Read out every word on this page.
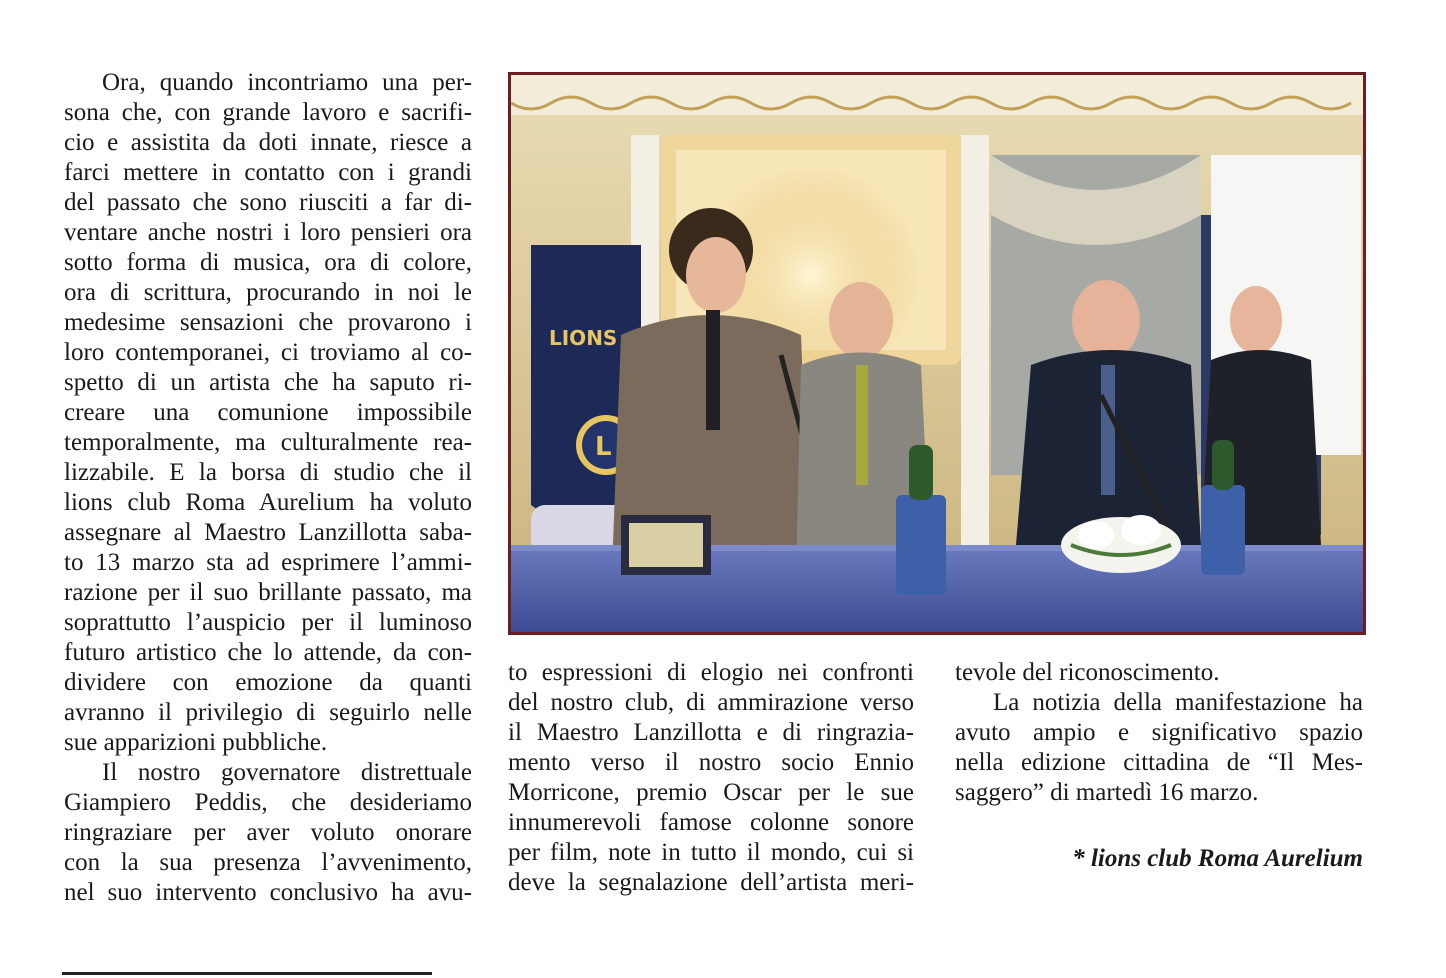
Ora, quando incontriamo una per-
sona che, con grande lavoro e sacrifi-
cio e assistita da doti innate, riesce a
farci mettere in contatto con i grandi
del passato che sono riusciti a far di-
ventare anche nostri i loro pensieri ora
sotto forma di musica, ora di colore,
ora di scrittura, procurando in noi le
medesime sensazioni che provarono i
loro contemporanei, ci troviamo al co-
spetto di un artista che ha saputo ri-
creare una comunione impossibile
temporalmente, ma culturalmente rea-
lizzabile. E la borsa di studio che il
lions club Roma Aurelium ha voluto
assegnare al Maestro Lanzillotta saba-
to 13 marzo sta ad esprimere l’ammi-
razione per il suo brillante passato, ma
soprattutto l’auspicio per il luminoso
futuro artistico che lo attende, da con-
dividere con emozione da quanti
avranno il privilegio di seguirlo nelle
sue apparizioni pubbliche.
Il nostro governatore distrettuale
Giampiero Peddis, che desideriamo
ringraziare per aver voluto onorare
con la sua presenza l’avvenimento,
nel suo intervento conclusivo ha avu-
LIONS
L
to espressioni di elogio nei confronti
del nostro club, di ammirazione verso
il Maestro Lanzillotta e di ringrazia-
mento verso il nostro socio Ennio
Morricone, premio Oscar per le sue
innumerevoli famose colonne sonore
per film, note in tutto il mondo, cui si
deve la segnalazione dell’artista meri-
tevole del riconoscimento.
La notizia della manifestazione ha
avuto ampio e significativo spazio
nella edizione cittadina de “Il Mes-
saggero” di martedì 16 marzo.
* lions club Roma Aurelium
